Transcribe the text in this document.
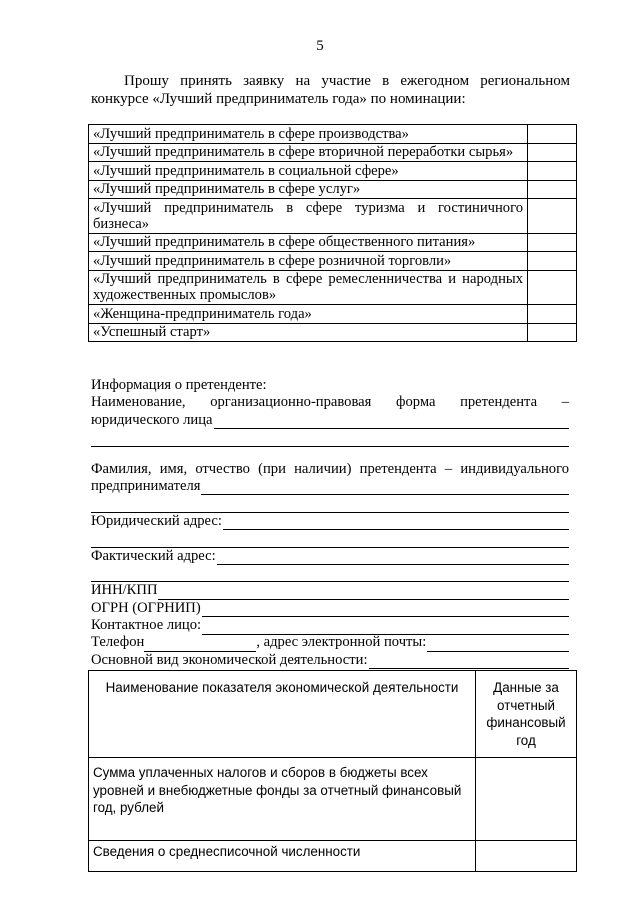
5
Прошу принять заявку на участие в ежегодном региональном
конкурсе «Лучший предприниматель года» по номинации:
«Лучший предприниматель в сфере производства»	
«Лучший предприниматель в сфере вторичной переработки сырья»	
«Лучший предприниматель в социальной сфере»	
«Лучший предприниматель в сфере услуг»	
«Лучший предприниматель в сфере туризма и гостиничного бизнеса»	
«Лучший предприниматель в сфере общественного питания»	
«Лучший предприниматель в сфере розничной торговли»	
«Лучший предприниматель в сфере ремесленничества и народных художественных промыслов»	
«Женщина-предприниматель года»	
«Успешный старт»	
Информация о претенденте:
Наименование, организационно-правовая форма претендента –
юридического лица
Фамилия, имя, отчество (при наличии) претендента – индивидуального
предпринимателя
Юридический адрес:
Фактический адрес:
ИНН/КПП
ОГРН (ОГРНИП)
Контактное лицо:
Телефон	, адрес электронной почты:
Основной вид экономической деятельности:
Наименование показателя экономической деятельности	Данные за отчетный финансовый год
Сумма уплаченных налогов и сборов в бюджеты всех уровней и внебюджетные фонды за отчетный финансовый год, рублей	
Сведения о среднесписочной численности	
